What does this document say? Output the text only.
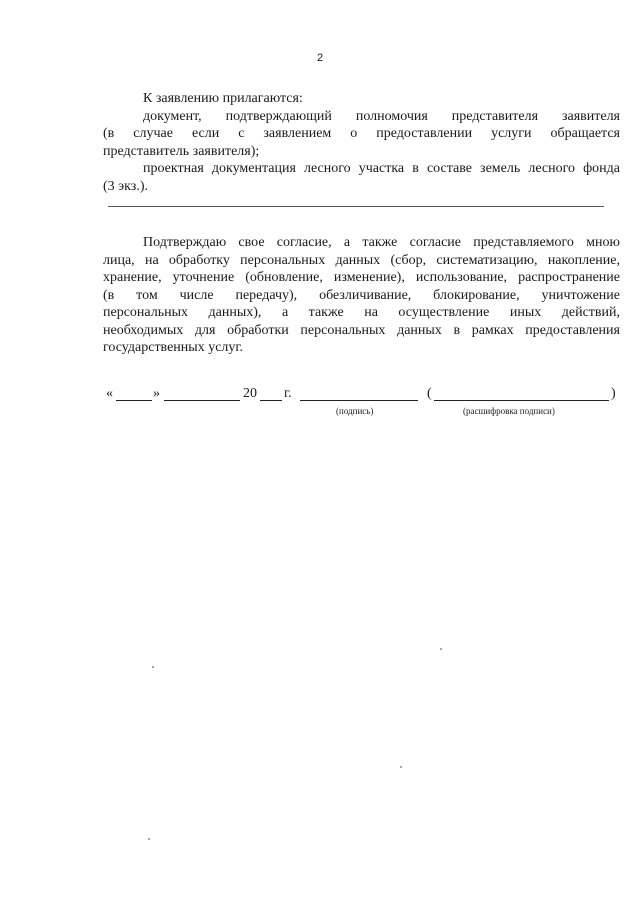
2

К заявлению прилагаются:

документ, подтверждающий полномочия представителя заявителя

(в случае если с заявлением о предоставлении услуги обращается

представитель заявителя);

проектная документация лесного участка в составе земель лесного фонда

(3 экз.).

Подтверждаю свое согласие, а также согласие представляемого мною

лица, на обработку персональных данных (сбор, систематизацию, накопление,

хранение, уточнение (обновление, изменение), использование, распространение

(в том числе передачу), обезличивание, блокирование, уничтожение

персональных данных), а также на осуществление иных действий,

необходимых для обработки персональных данных в рамках предоставления

государственных услуг.

«	»	20 г.	(	)
(подпись)	(расшифровка подписи)
